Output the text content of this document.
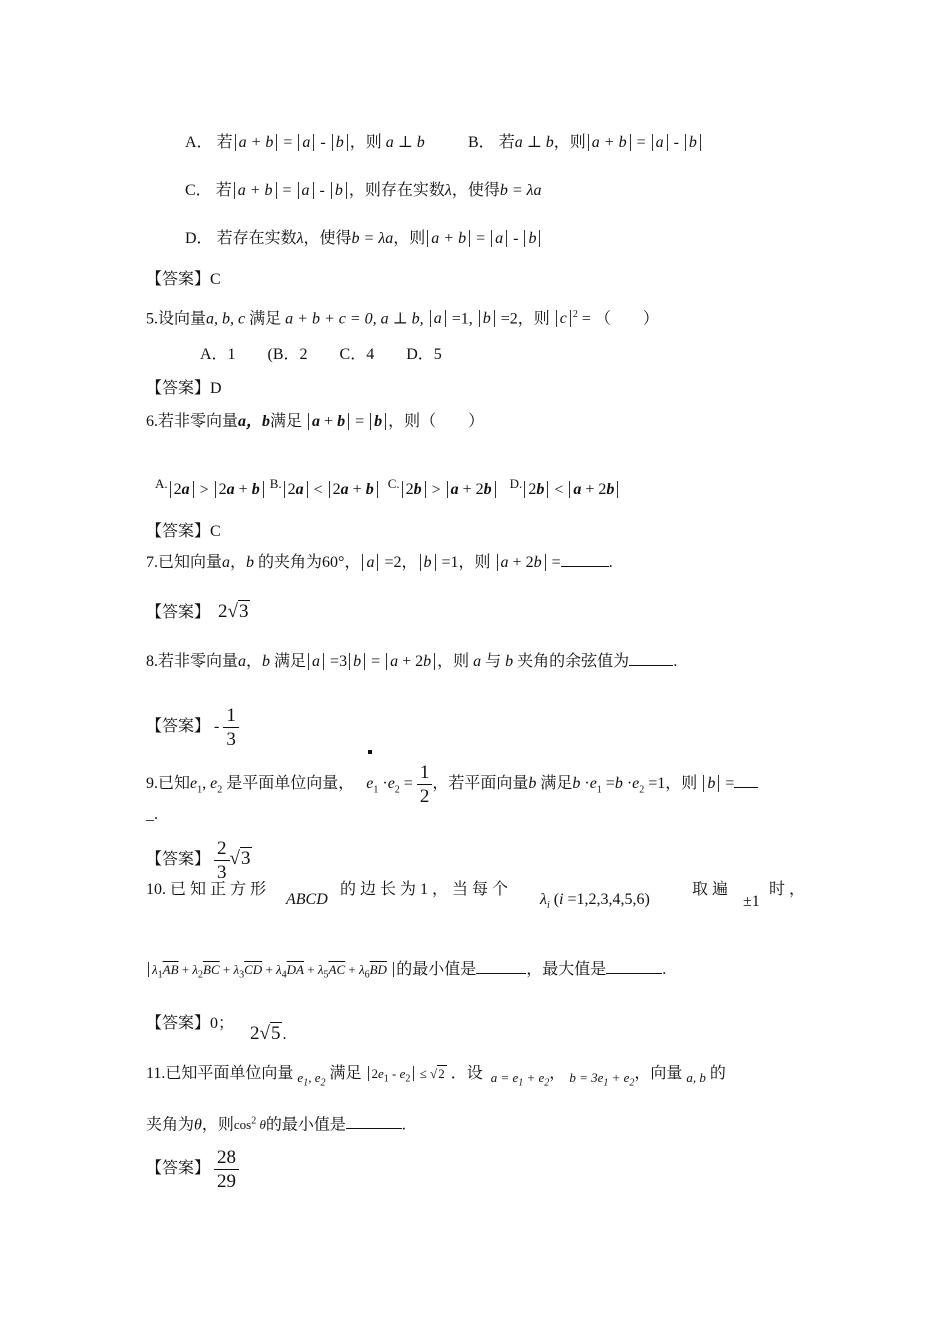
A． 若 a + b = a - b ，则 a ⊥ b	B． 若a ⊥ b，则 a + b = a - b
C． 若 a + b = a - b ，则存在实数λ，使得b = λa
D． 若存在实数λ，使得b = λa，则 a + b = a - b
【答案】C
5.设向量a, b, c 满足 a + b + c = 0, a ⊥ b, a =1, b =2，则 c $^2$ = （　　）
A．1　　(B．2　　C．4　　D．5
【答案】D
6.若非零向量a，b满足 a + b = b ，则（　　）
$^{A.}$ 2a > 2a + b $^{B.}$ 2a < 2a + b $^{C.}$ 2b > a + 2b $^{D.}$ 2b < a + 2b
【答案】C
7.已知向量a，b 的夹角为60°， a =2， b =1，则 a + 2b =	.
【答案】 2√3
8.若非零向量a，b 满足 a =3 b = a + 2b ，则 a 与 b 夹角的余弦值为	.
【答案】 - $\frac{1}{3}$
9.已知$e_1$, $e_2$ 是平面单位向量， $e_1 \cdot e_2 = \frac{1}{2}$ ，若平面向量b 满足$b \cdot e_1 =b \cdot e_2 =1$，则 b =
_.
【答案】 $\frac{2}{3} √3$
10. 已 知 正 方 形
ABCD
的 边 长 为 1 ， 当 每 个
$\lambda_i$ (i =1,2,3,4,5,6)
取 遍
±1
时 ，
$\lambda_1\overline{AB} + \lambda_2\overline{BC} + \lambda_3\overline{CD} + \lambda_4\overline{DA} + \lambda_5\overline{AC} + \lambda_6\overline{BD}$ 的最小值是	，最大值是	.
【答案】0； 2√5 .
11.已知平面单位向量 $_{e_1, e_2}$ 满足 $2e_1 - e_2 \le √2$ ．设 $_{a = e_1 + e_2}$， $_{b = 3e_1 + e_2}$，向量 $_{a, b}$ 的
夹角为θ，则$\cos^2 \theta$的最小值是	.
【答案】 $\frac{28}{29}$
